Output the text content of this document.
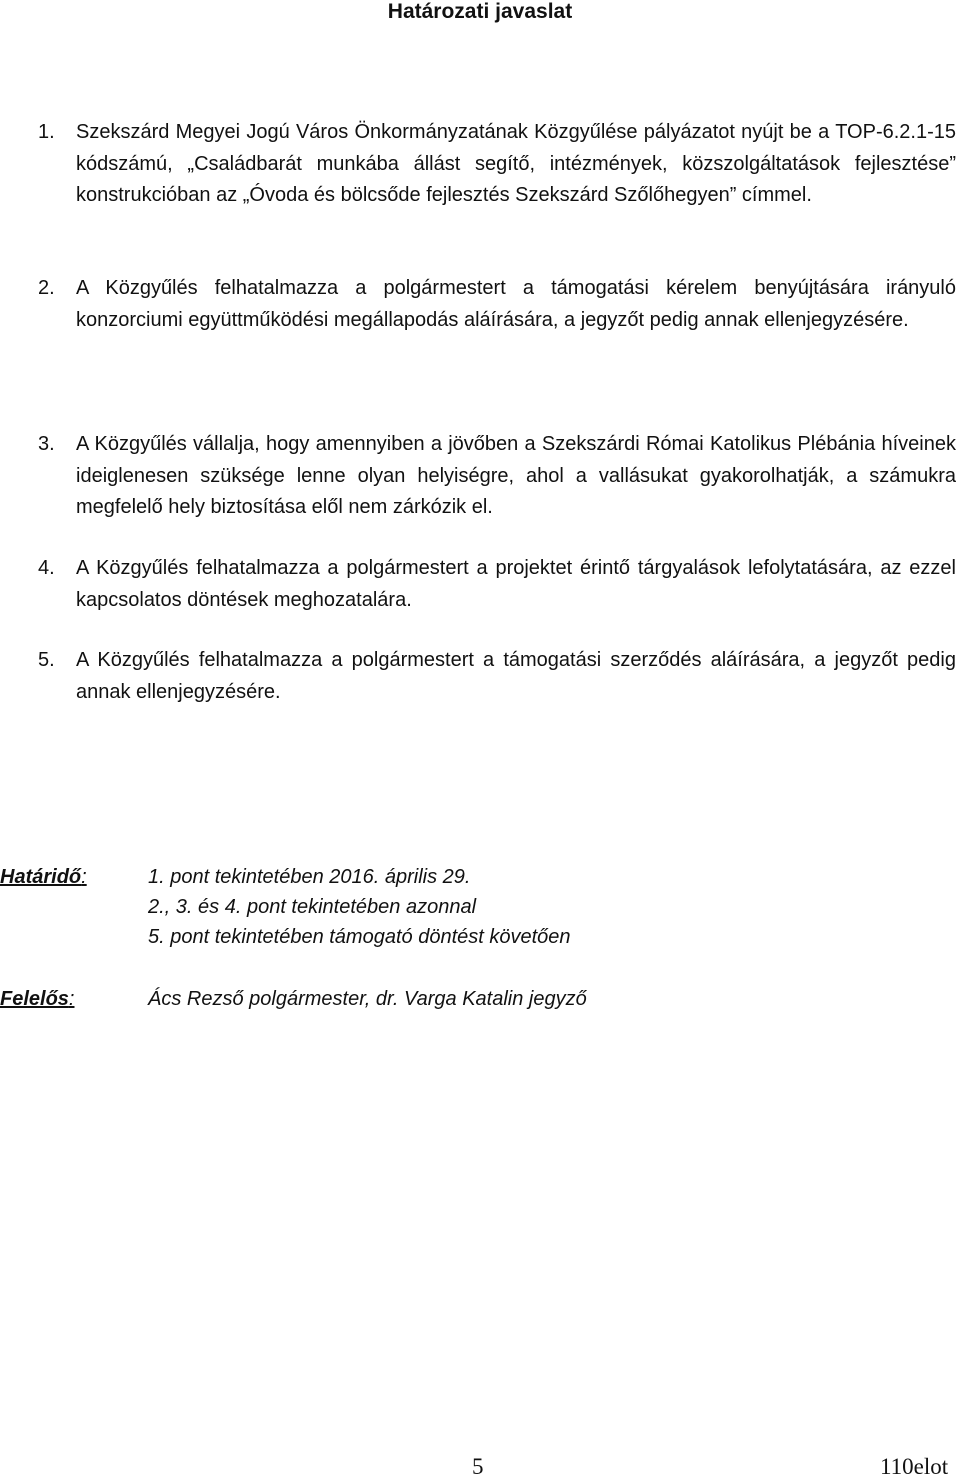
Határozati javaslat
1. Szekszárd Megyei Jogú Város Önkormányzatának Közgyűlése pályázatot nyújt be a TOP-6.2.1-15 kódszámú, „Családbarát munkába állást segítő, intézmények, közszolgáltatások fejlesztése” konstrukcióban az „Óvoda és bölcsőde fejlesztés Szekszárd Szőlőhegyen” címmel.
2. A Közgyűlés felhatalmazza a polgármestert a támogatási kérelem benyújtására irányuló konzorciumi együttműködési megállapodás aláírására, a jegyzőt pedig annak ellenjegyzésére.
3. A Közgyűlés vállalja, hogy amennyiben a jövőben a Szekszárdi Római Katolikus Plébánia híveinek ideiglenesen szüksége lenne olyan helyiségre, ahol a vallásukat gyakorolhatják, a számukra megfelelő hely biztosítása elől nem zárkózik el.
4. A Közgyűlés felhatalmazza a polgármestert a projektet érintő tárgyalások lefolytatására, az ezzel kapcsolatos döntések meghozatalára.
5. A Közgyűlés felhatalmazza a polgármestert a támogatási szerződés aláírására, a jegyzőt pedig annak ellenjegyzésére.
Határidő:	1. pont tekintetében 2016. április 29.
2., 3. és 4. pont tekintetében azonnal
5. pont tekintetében támogató döntést követően
Felelős:	Ács Rezső polgármester, dr. Varga Katalin jegyző
5	110elot
